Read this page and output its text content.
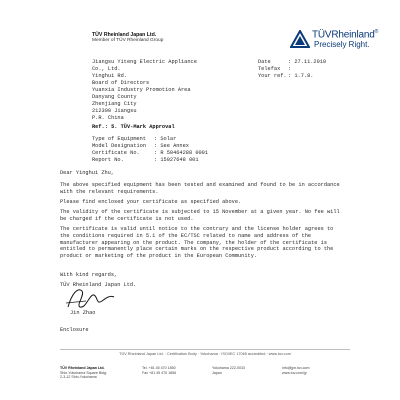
TÜV Rheinland Japan Ltd.
Member of TÜV Rheinland Group
TÜVRheinland®
Precisely Right.
Jiangsu Yiteng Electric Appliance
Co., Ltd.
Yinghui Rd.
Board of Directors
Yuanxia Industry Promotion Area
Danyang County
Zhenjiang City
212300 Jiangsu
P.R. China
Date	: 27.11.2010
Telefax :
Your ref.: 1.7.8.
Ref.: 5. TÜV-Mark Approval
Type of Equipment : Solar
Model Designation : See Annex
Certificate No.	: R 50464288 0001
Report No.	: 15027648 001
Dear Yinghui Zhu,
The above specified equipment has been tested and examined and found to be in accordance with the relevant requirements.
Please find enclosed your certificate as specified above.
The validity of the certificate is subjected to 15 November at a given year. No fee will be charged if the certificate is not used.
The certificate is valid until notice to the contrary and the license holder agrees to the conditions required in 5.1 of the EC/TSC related to name and address of the manufacturer appearing on the product. The company, the holder of the certificate is entitled to permanently place certain marks on the respective product according to the product or marketing of the product in the European Community.
With kind regards,
TÜV Rheinland Japan Ltd.
Jin Zhao
Enclosure
TÜV Rheinland Japan Ltd. · Certification Body · Yokohama · ISO/IEC 17065 accredited · www.tuv.com
TÜV Rheinland Japan Ltd.
Shin-Yokohama Square Bldg.
2-3-12 Shin-Yokohama
Tel. +81 45 470 1850
Fax +81 45 470 1856
Yokohama 222-0033
Japan
info@jpn.tuv.com
www.tuv.com/jp
